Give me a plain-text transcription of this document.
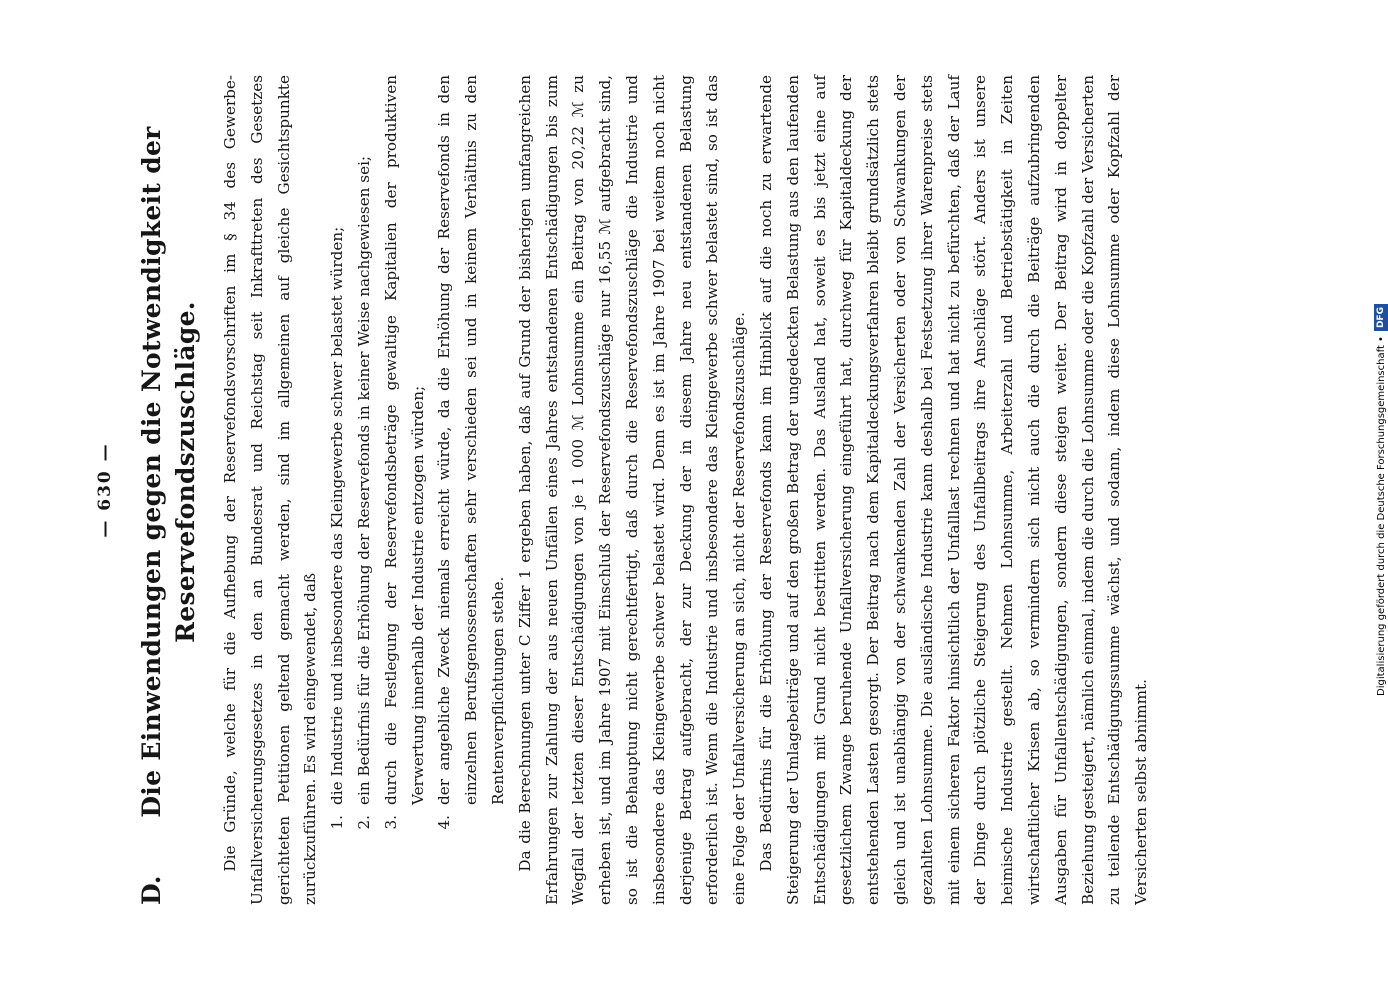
— 630 —
D.
Die Einwendungen gegen die Notwendigkeit der Reservefondszuschläge. Die Gründe, welche für die Aufhebung der Reservefondsvorschriften im § 34 des Gewerbe-Unfallversicherungsgesetzes in den an Bundesrat und Reichstag seit Inkrafttreten des Gesetzes gerichteten Petitionen geltend gemacht werden, sind im allgemeinen auf gleiche Gesichtspunkte zurückzuführen. Es wird eingewendet, daß 1.
die Industrie und insbesondere das Kleingewerbe schwer belastet würden;
2.
ein Bedürfnis für die Erhöhung der Reservefonds in keiner Weise nachgewiesen sei;
3.
durch die Festlegung der Reservefondsbeträge gewaltige Kapitalien der produktiven Verwertung innerhalb der Industrie entzogen würden;
4.
der angebliche Zweck niemals erreicht würde, da die Erhöhung der Reservefonds in den einzelnen Berufsgenossenschaften sehr verschieden sei und in keinem Verhältnis zu den Rentenverpflichtungen stehe. Da die Berechnungen unter C Ziffer 1 ergeben haben, daß auf Grund der bisherigen umfangreichen Erfahrungen zur Zahlung der aus neuen Unfällen eines Jahres entstandenen Entschädigungen bis zum Wegfall der letzten dieser Entschädigungen von je 1 000 ℳ Lohnsumme ein Beitrag von 20,22 ℳ zu erheben ist, und im Jahre 1907 mit Einschluß der Reservefondszuschläge nur 16,55 ℳ aufgebracht sind, so ist die Behauptung nicht gerechtfertigt, daß durch die Reservefondszuschläge die Industrie und insbesondere das Kleingewerbe schwer belastet wird. Denn es ist im Jahre 1907 bei weitem noch nicht derjenige Betrag aufgebracht, der zur Deckung der in diesem Jahre neu entstandenen Belastung erforderlich ist. Wenn die Industrie und insbesondere das Kleingewerbe schwer belastet sind, so ist das eine Folge der Unfallversicherung an sich, nicht der Reservefondszuschläge. Das Bedürfnis für die Erhöhung der Reservefonds kann im Hinblick auf die noch zu erwartende Steigerung der Umlagebeiträge und auf den großen Betrag der ungedeckten Belastung aus den laufenden Entschädigungen mit Grund nicht bestritten werden. Das Ausland hat, soweit es bis jetzt eine auf gesetzlichem Zwange beruhende Unfallversicherung eingeführt hat, durchweg für Kapitaldeckung der entstehenden Lasten gesorgt. Der Beitrag nach dem Kapitaldeckungsverfahren bleibt grundsätzlich stets gleich und ist unabhängig von der schwankenden Zahl der Versicherten oder von Schwankungen der gezahlten Lohnsumme. Die ausländische Industrie kann deshalb bei Festsetzung ihrer Warenpreise stets mit einem sicheren Faktor hinsichtlich der Unfalllast rechnen und hat nicht zu befürchten, daß der Lauf der Dinge durch plötzliche Steigerung des Unfallbeitrags ihre Anschläge stört. Anders ist unsere heimische Industrie gestellt. Nehmen Lohnsumme, Arbeiterzahl und Betriebstätigkeit in Zeiten wirtschaftlicher Krisen ab, so vermindern sich nicht auch die durch die Beiträge aufzubringenden Ausgaben für Unfallentschädigungen, sondern diese steigen weiter. Der Beitrag wird in doppelter Beziehung gesteigert, nämlich einmal, indem die durch die Lohnsumme oder die Kopfzahl der Versicherten zu teilende Entschädigungssumme wächst, und sodann, indem diese Lohnsumme oder Kopfzahl der Versicherten selbst abnimmt.

Digitalisierung gefördert durch die Deutsche Forschungsgemeinschaft •
DFG
